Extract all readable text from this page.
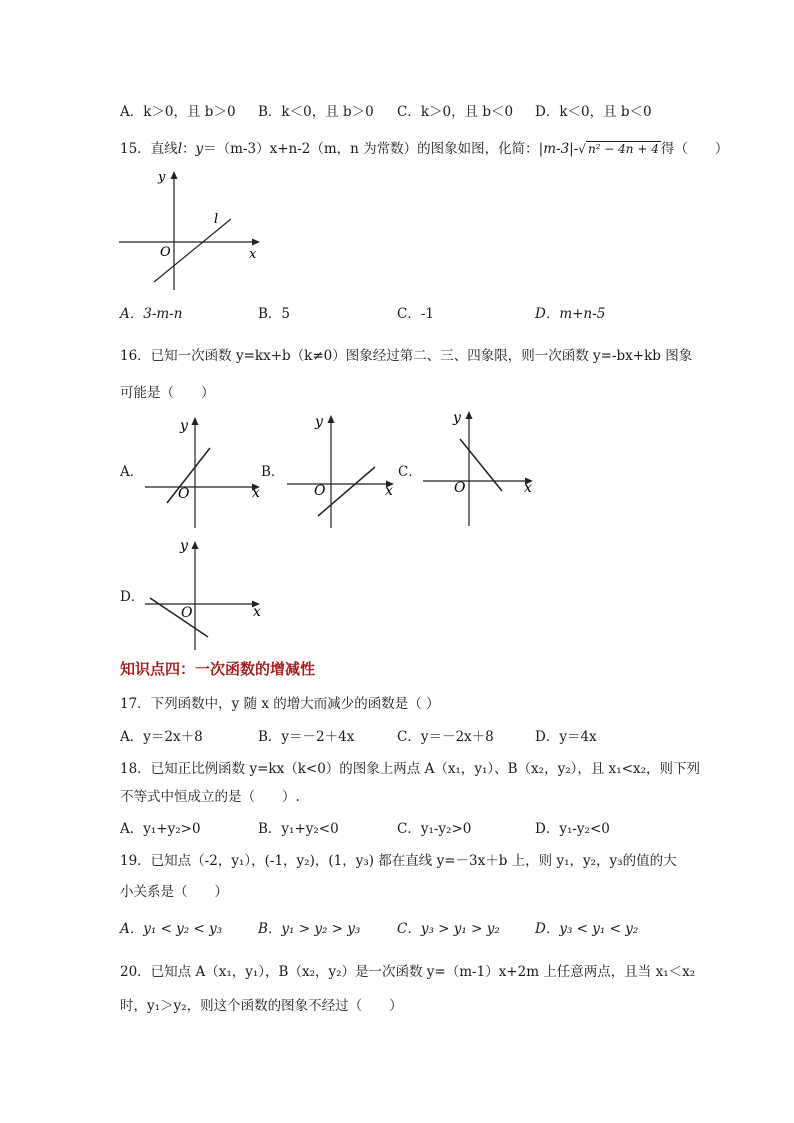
A．k＞0，且 b＞0 B．k＜0，且 b＞0 C．k＞0，且 b＜0 D．k＜0，且 b＜0
15．直线l：y＝（m-3）x+n-2（m，n 为常数）的图象如图，化简：|m-3|-√ n² − 4n + 4 得（　　）
x
y
O
l
A．3-m-n	B．5	C．-1	D．m+n-5
16．已知一次函数 y=kx+b（k≠0）图象经过第二、三、四象限，则一次函数 y=-bx+kb 图象
可能是（　　）
A．	B．	C．
D．
x
y
O	x
y
O	x
y
O
x
y
O
知识点四：一次函数的增减性
17．下列函数中，y 随 x 的增大而减少的函数是（ ）
A．y＝2x＋8	B．y＝－2＋4x	C．y＝－2x＋8	D．y＝4x
18．已知正比例函数 y=kx（k<0）的图象上两点 A（x₁，y₁）、B（x₂，y₂），且 x₁<x₂，则下列
不等式中恒成立的是（　　）.
A．y₁+y₂>0	B．y₁+y₂<0	C．y₁-y₂>0	D．y₁-y₂<0
19．已知点（-2，y₁），(-1，y₂)，(1，y₃) 都在直线 y=－3x＋b 上，则 y₁，y₂，y₃的值的大
小关系是（　　）
A．y₁ < y₂ < y₃	B．y₁ > y₂ > y₃	C．y₃ > y₁ > y₂	D．y₃ < y₁ < y₂
20．已知点 A（x₁，y₁），B（x₂，y₂）是一次函数 y=（m-1）x+2m 上任意两点，且当 x₁＜x₂
时，y₁＞y₂，则这个函数的图象不经过（　　）
